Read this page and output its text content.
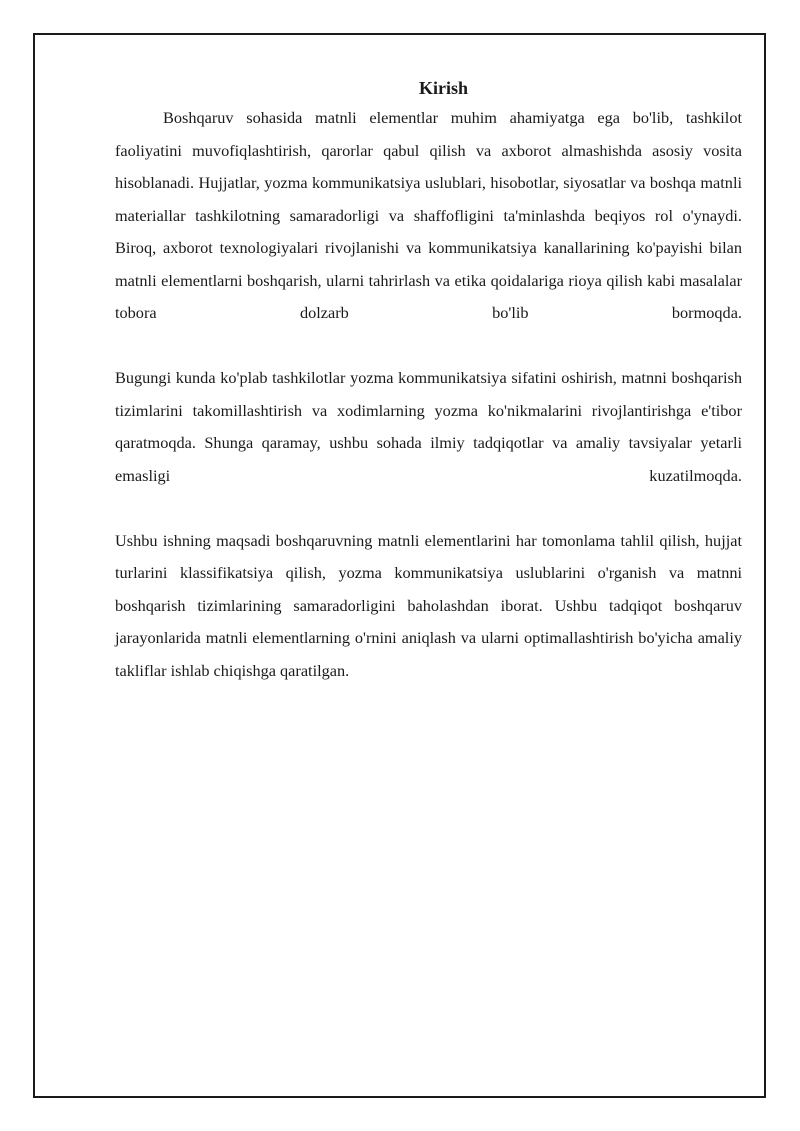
Kirish

Boshqaruv sohasida matnli elementlar muhim ahamiyatga ega bo'lib, tashkilot faoliyatini muvofiqlashtirish, qarorlar qabul qilish va axborot almashishda asosiy vosita hisoblanadi. Hujjatlar, yozma kommunikatsiya uslublari, hisobotlar, siyosatlar va boshqa matnli materiallar tashkilotning samaradorligi va shaffofligini ta'minlashda beqiyos rol o'ynaydi. Biroq, axborot texnologiyalari rivojlanishi va kommunikatsiya kanallarining ko'payishi bilan matnli elementlarni boshqarish, ularni tahrirlash va etika qoidalariga rioya qilish kabi masalalar tobora dolzarb bo'lib bormoqda.

Bugungi kunda ko'plab tashkilotlar yozma kommunikatsiya sifatini oshirish, matnni boshqarish tizimlarini takomillashtirish va xodimlarning yozma ko'nikmalarini rivojlantirishga e'tibor qaratmoqda. Shunga qaramay, ushbu sohada ilmiy tadqiqotlar va amaliy tavsiyalar yetarli emasligi kuzatilmoqda.

Ushbu ishning maqsadi boshqaruvning matnli elementlarini har tomonlama tahlil qilish, hujjat turlarini klassifikatsiya qilish, yozma kommunikatsiya uslublarini o'rganish va matnni boshqarish tizimlarining samaradorligini baholashdan iborat. Ushbu tadqiqot boshqaruv jarayonlarida matnli elementlarning o'rnini aniqlash va ularni optimallashtirish bo'yicha amaliy takliflar ishlab chiqishga qaratilgan.
